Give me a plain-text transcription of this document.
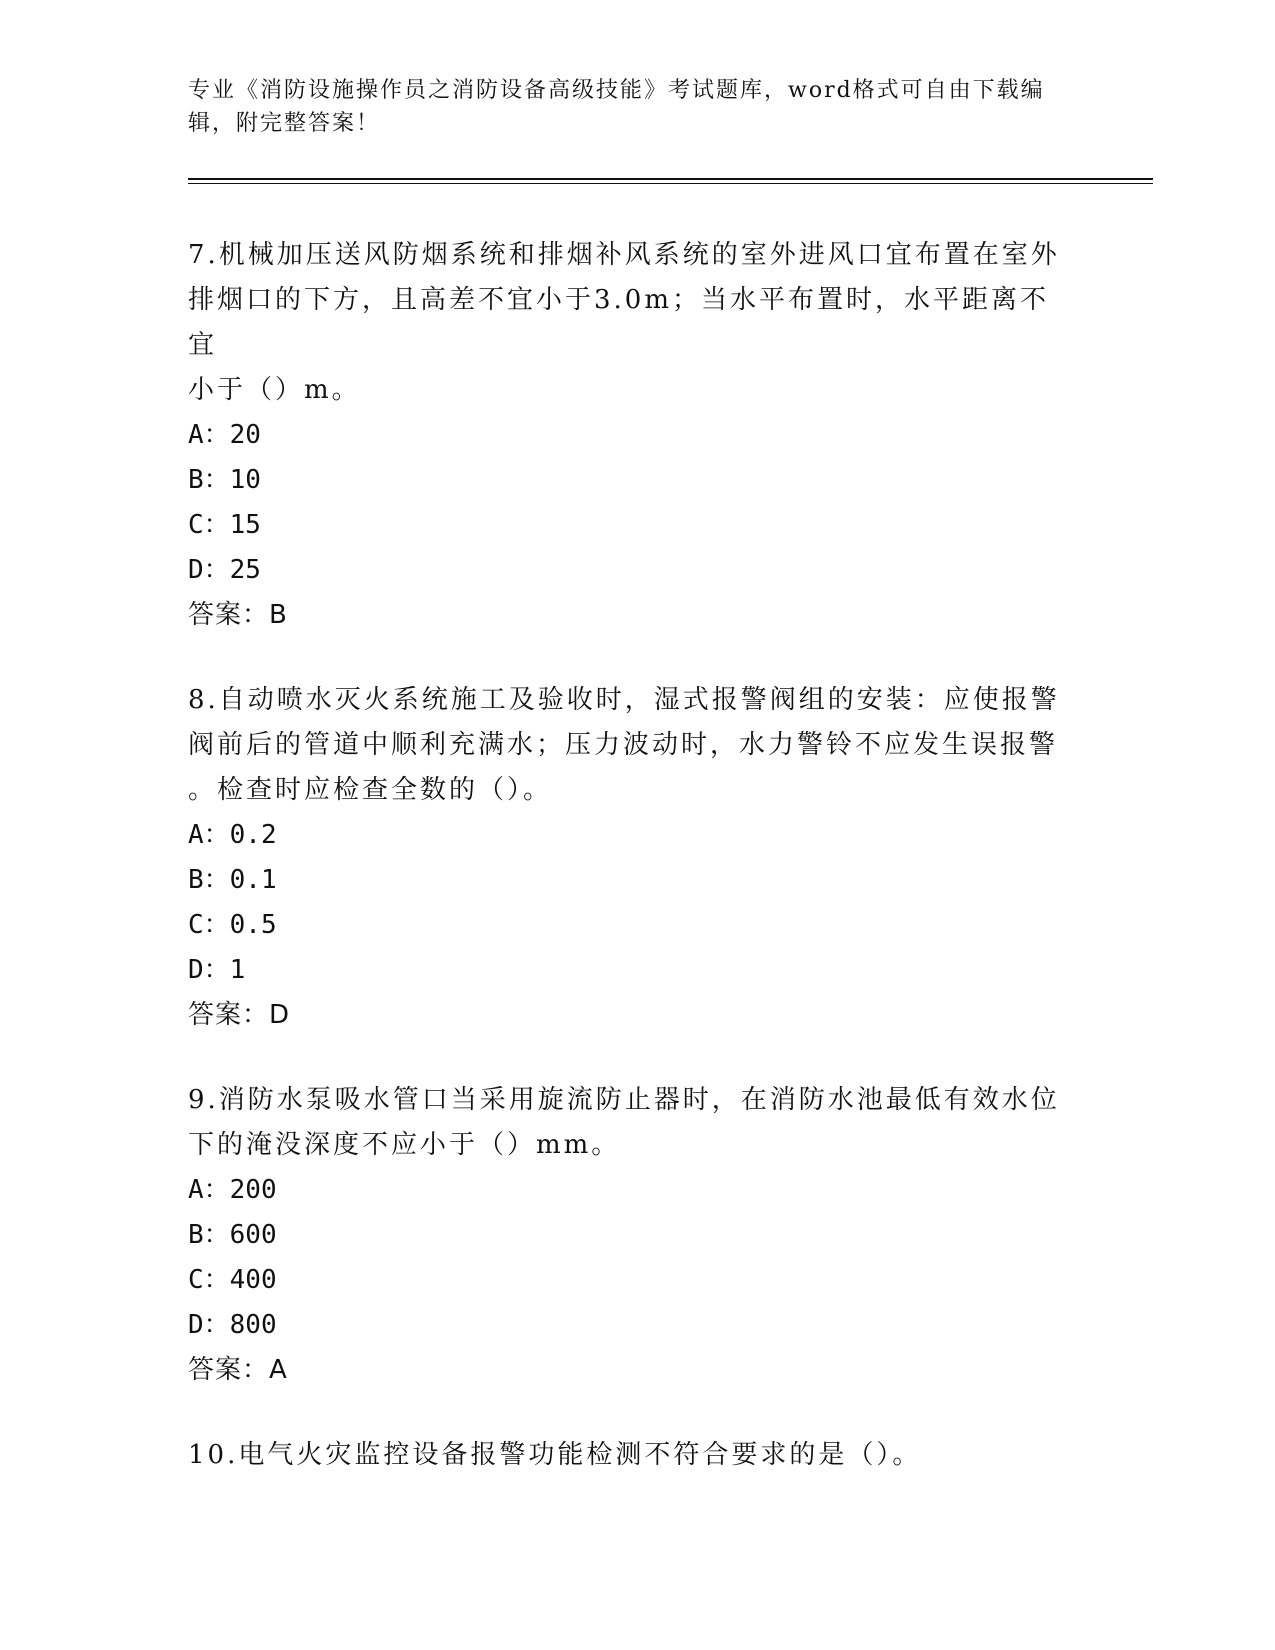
专业《消防设施操作员之消防设备高级技能》考试题库，word格式可自由下载编
辑，附完整答案！
7.机械加压送风防烟系统和排烟补风系统的室外进风口宜布置在室外
排烟口的下方，且高差不宜小于3.0m；当水平布置时，水平距离不宜
小于（）m。
A：20
B：10
C：15
D：25
答案：B
8.自动喷水灭火系统施工及验收时，湿式报警阀组的安装：应使报警
阀前后的管道中顺利充满水；压力波动时，水力警铃不应发生误报警
。检查时应检查全数的（）。
A：0.2
B：0.1
C：0.5
D：1
答案：D
9.消防水泵吸水管口当采用旋流防止器时，在消防水池最低有效水位
下的淹没深度不应小于（）mm。
A：200
B：600
C：400
D：800
答案：A
10.电气火灾监控设备报警功能检测不符合要求的是（）。
